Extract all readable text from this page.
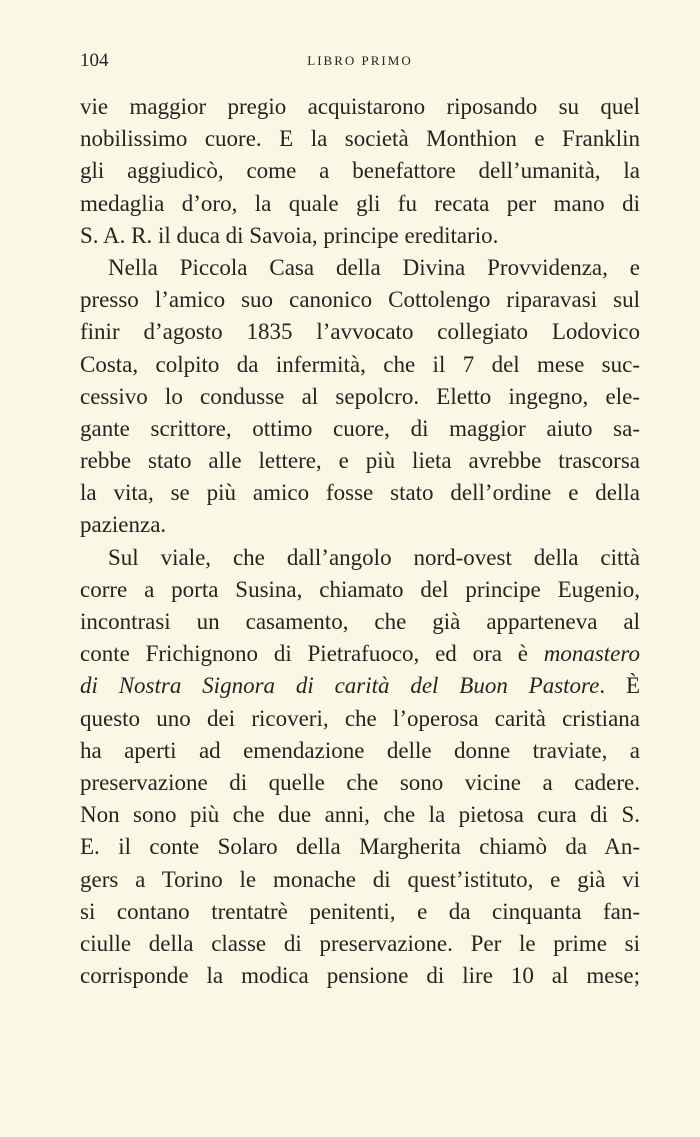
104	LIBRO PRIMO
vie maggior pregio acquistarono riposando su quel
nobilissimo cuore. E la società Monthion e Franklin
gli aggiudicò, come a benefattore dell’umanità, la
medaglia d’oro, la quale gli fu recata per mano di
S. A. R. il duca di Savoia, principe ereditario.
Nella Piccola Casa della Divina Provvidenza, e
presso l’amico suo canonico Cottolengo riparavasi sul
finir d’agosto 1835 l’avvocato collegiato Lodovico
Costa, colpito da infermità, che il 7 del mese suc-
cessivo lo condusse al sepolcro. Eletto ingegno, ele-
gante scrittore, ottimo cuore, di maggior aiuto sa-
rebbe stato alle lettere, e più lieta avrebbe trascorsa
la vita, se più amico fosse stato dell’ordine e della
pazienza.
Sul viale, che dall’angolo nord-ovest della città
corre a porta Susina, chiamato del principe Eugenio,
incontrasi un casamento, che già apparteneva al
conte Frichignono di Pietrafuoco, ed ora è monastero
di Nostra Signora di carità del Buon Pastore. È
questo uno dei ricoveri, che l’operosa carità cristiana
ha aperti ad emendazione delle donne traviate, a
preservazione di quelle che sono vicine a cadere.
Non sono più che due anni, che la pietosa cura di S.
E. il conte Solaro della Margherita chiamò da An-
gers a Torino le monache di quest’istituto, e già vi
si contano trentatrè penitenti, e da cinquanta fan-
ciulle della classe di preservazione. Per le prime si
corrisponde la modica pensione di lire 10 al mese;
